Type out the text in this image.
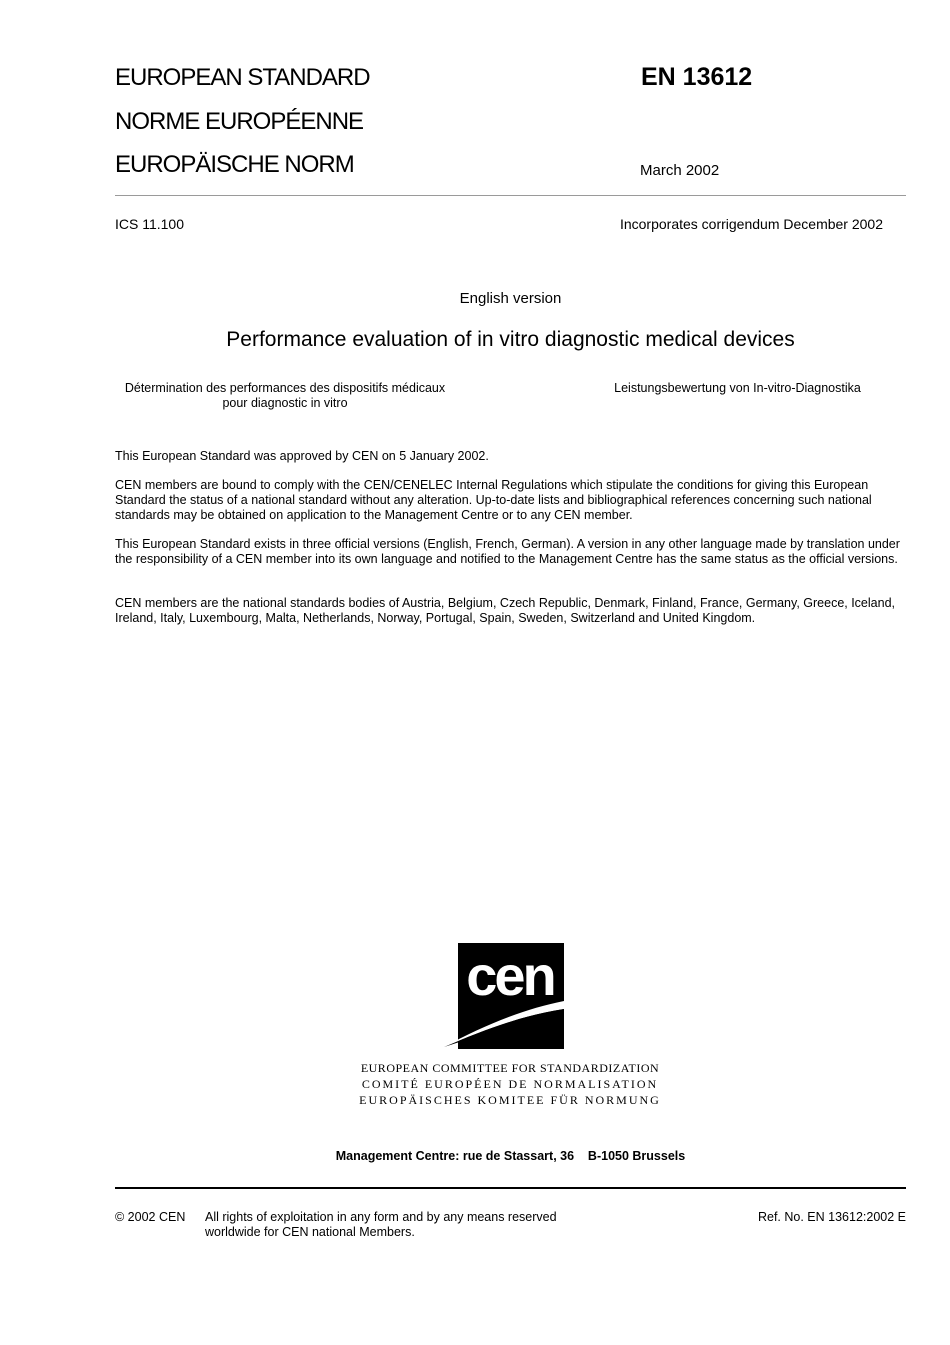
EUROPEAN STANDARD
NORME EUROPÉENNE
EUROPÄISCHE NORM
EN 13612
March 2002
ICS 11.100	Incorporates corrigendum December 2002
English version
Performance evaluation of in vitro diagnostic medical devices
Détermination des performances des dispositifs médicaux
pour diagnostic in vitro
Leistungsbewertung von In-vitro-Diagnostika

This European Standard was approved by CEN on 5 January 2002.

CEN members are bound to comply with the CEN/CENELEC Internal Regulations which stipulate the conditions for giving this European Standard the status of a national standard without any alteration. Up-to-date lists and bibliographical references concerning such national standards may be obtained on application to the Management Centre or to any CEN member.

This European Standard exists in three official versions (English, French, German). A version in any other language made by translation under the responsibility of a CEN member into its own language and notified to the Management Centre has the same status as the official versions.

CEN members are the national standards bodies of Austria, Belgium, Czech Republic, Denmark, Finland, France, Germany, Greece, Iceland, Ireland, Italy, Luxembourg, Malta, Netherlands, Norway, Portugal, Spain, Sweden, Switzerland and United Kingdom.

cen
EUROPEAN COMMITTEE FOR STANDARDIZATION
COMITÉ EUROPÉEN DE NORMALISATION
EUROPÄISCHES KOMITEE FÜR NORMUNG
Management Centre: rue de Stassart, 36    B-1050 Brussels
© 2002 CEN All rights of exploitation in any form and by any means reserved
worldwide for CEN national Members.
Ref. No. EN 13612:2002 E
